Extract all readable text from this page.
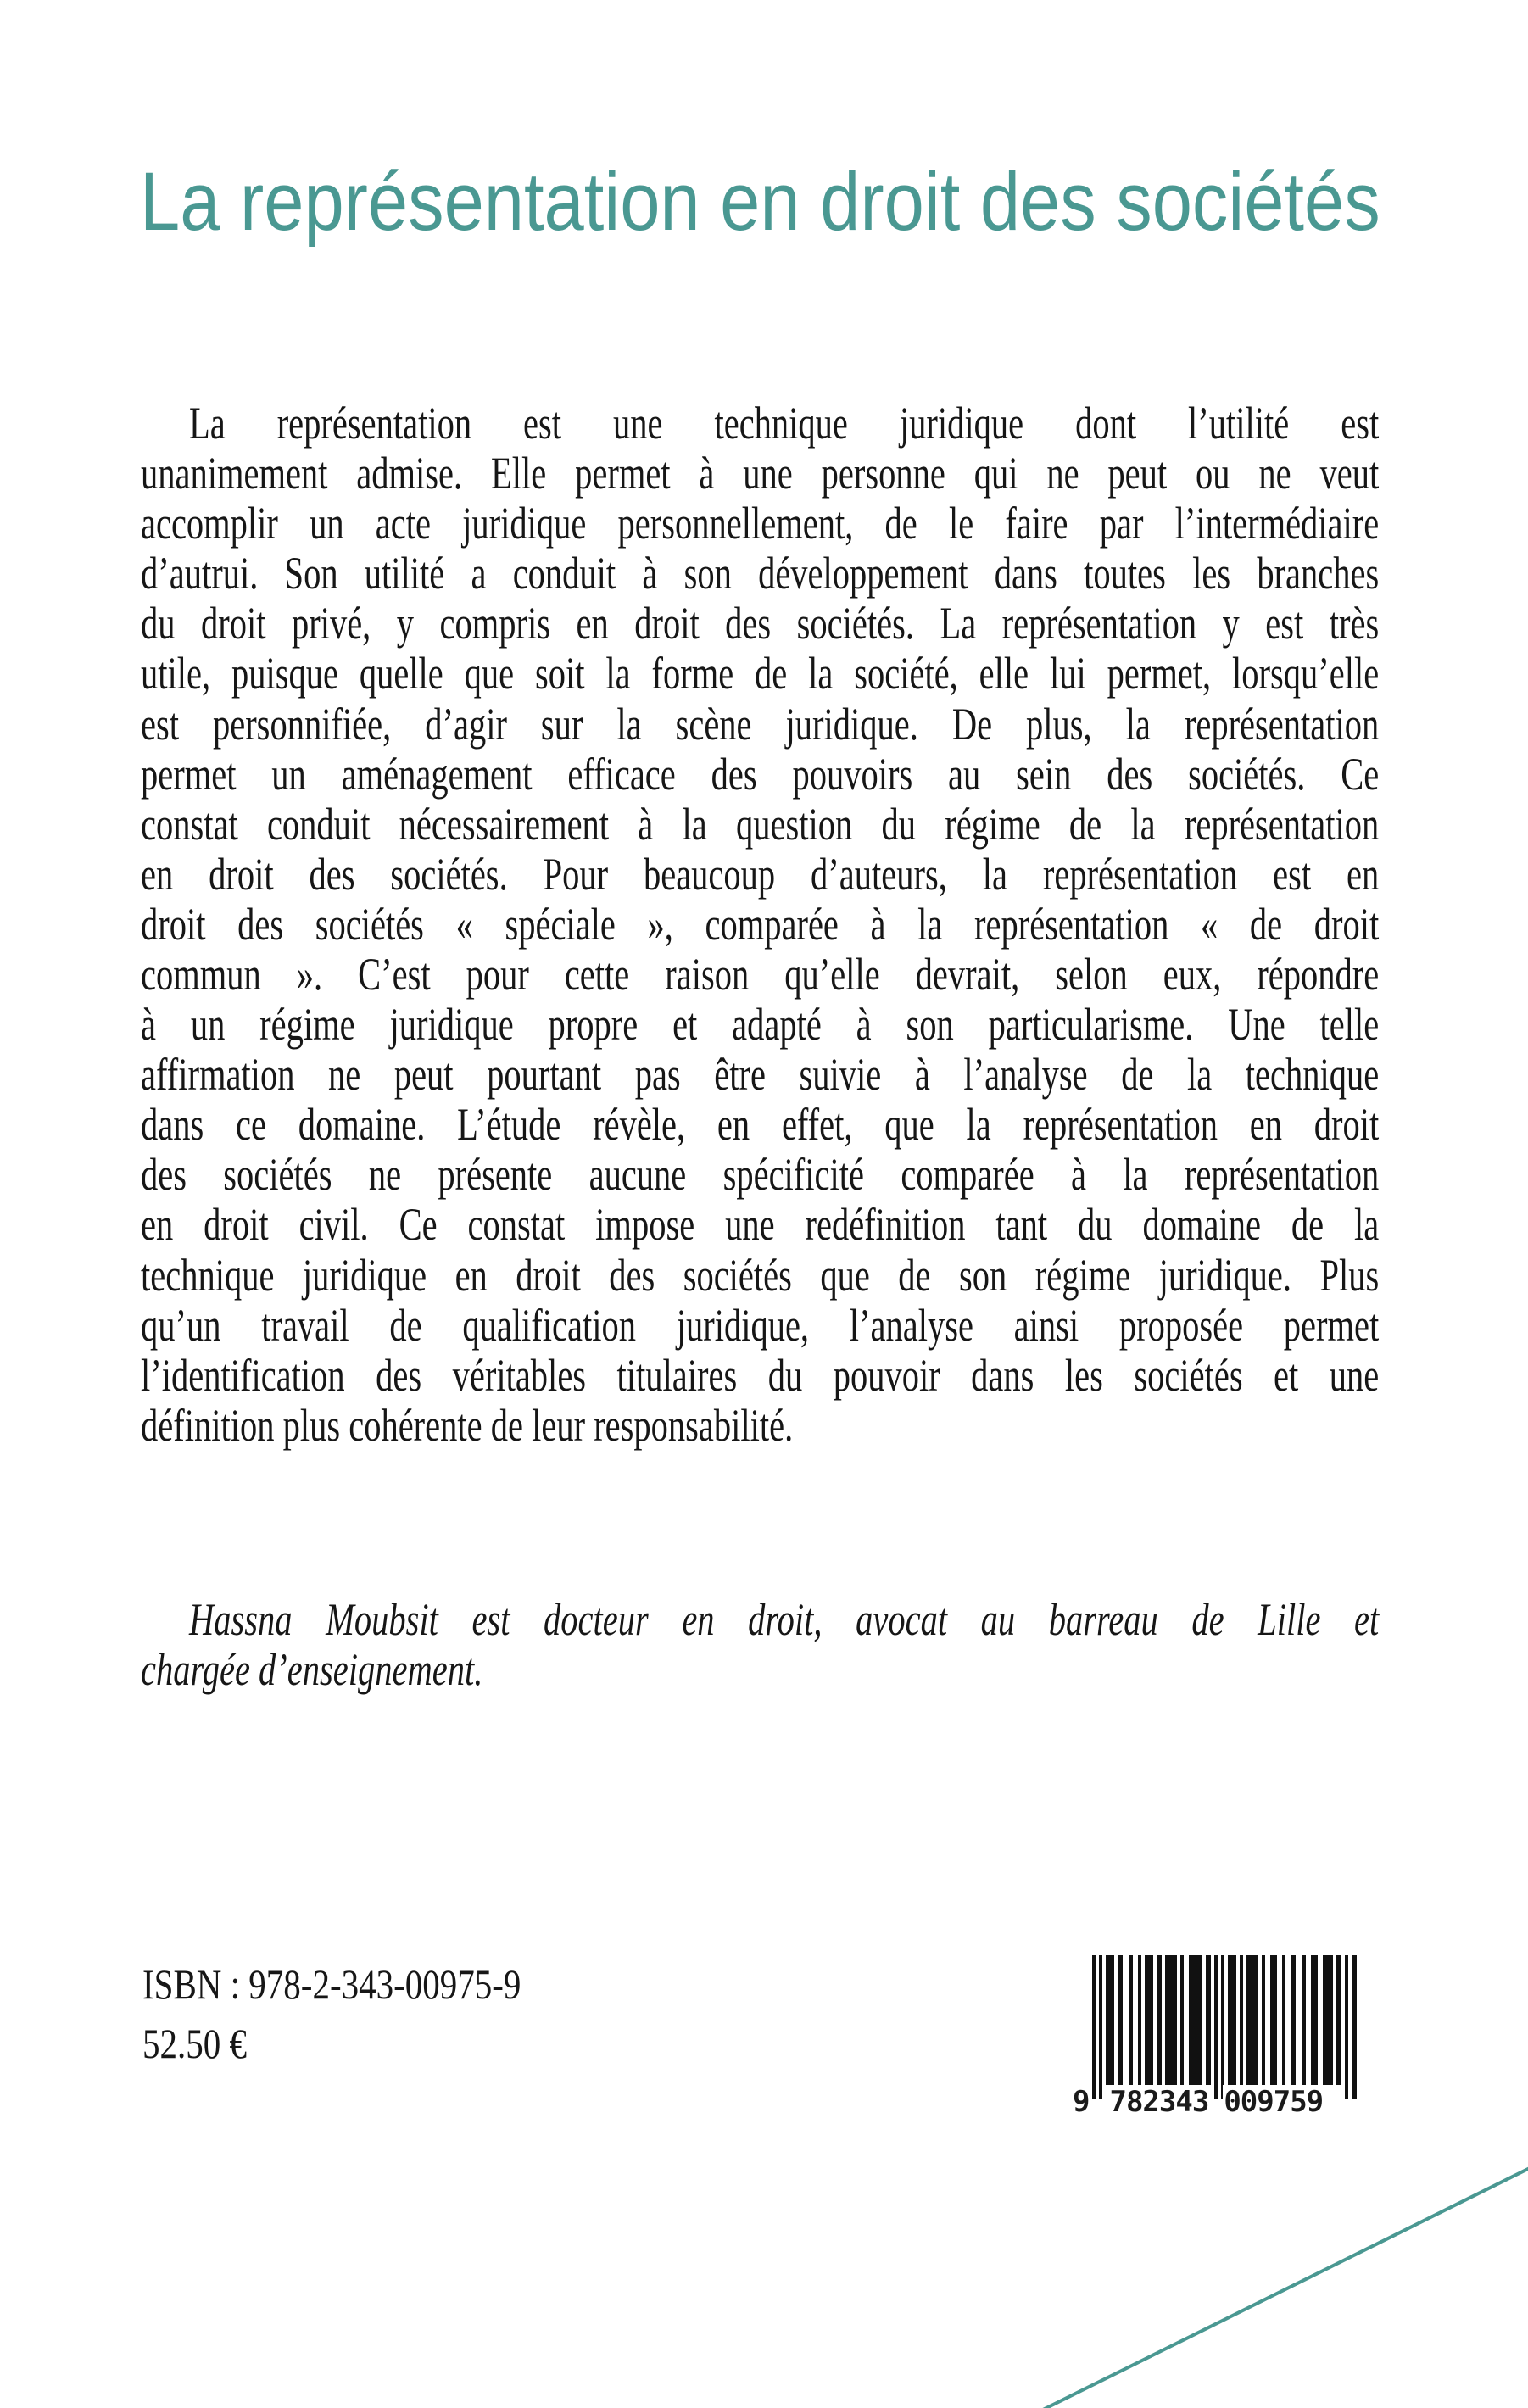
La représentation en droit des sociétés
La représentation est une technique juridique dont l’utilité est
unanimement admise. Elle permet à une personne qui ne peut ou ne veut
accomplir un acte juridique personnellement, de le faire par l’intermédiaire
d’autrui. Son utilité a conduit à son développement dans toutes les branches
du droit privé, y compris en droit des sociétés. La représentation y est très
utile, puisque quelle que soit la forme de la société, elle lui permet, lorsqu’elle
est personnifiée, d’agir sur la scène juridique. De plus, la représentation
permet un aménagement efficace des pouvoirs au sein des sociétés. Ce
constat conduit nécessairement à la question du régime de la représentation
en droit des sociétés. Pour beaucoup d’auteurs, la représentation est en
droit des sociétés « spéciale », comparée à la représentation « de droit
commun ». C’est pour cette raison qu’elle devrait, selon eux, répondre
à un régime juridique propre et adapté à son particularisme. Une telle
affirmation ne peut pourtant pas être suivie à l’analyse de la technique
dans ce domaine. L’étude révèle, en effet, que la représentation en droit
des sociétés ne présente aucune spécificité comparée à la représentation
en droit civil. Ce constat impose une redéfinition tant du domaine de la
technique juridique en droit des sociétés que de son régime juridique. Plus
qu’un travail de qualification juridique, l’analyse ainsi proposée permet
l’identification des véritables titulaires du pouvoir dans les sociétés et une
définition plus cohérente de leur responsabilité.
Hassna Moubsit est docteur en droit, avocat au barreau de Lille et
chargée d’enseignement.
ISBN : 978-2-343-00975-9
52.50 €
9 782343 009759
